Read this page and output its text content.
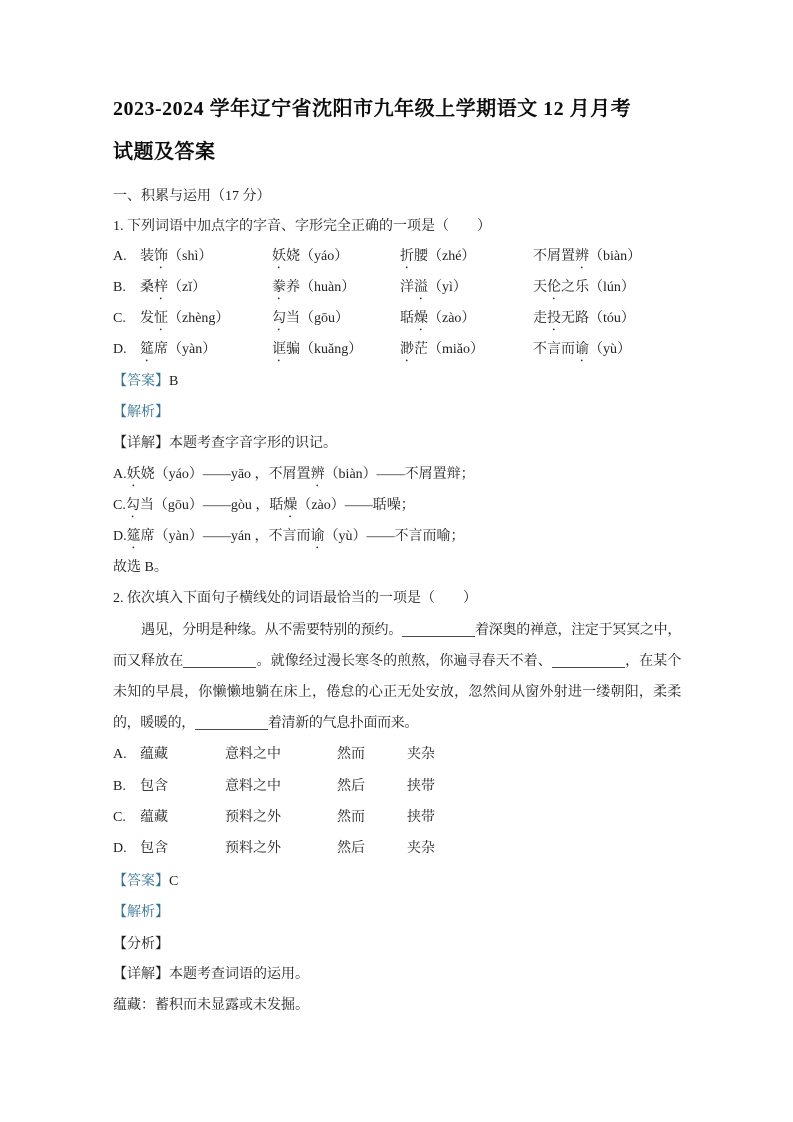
2023-2024 学年辽宁省沈阳市九年级上学期语文 12 月月考
试题及答案
一、积累与运用（17 分）
1. 下列词语中加点字的字音、字形完全正确的一项是（　　）
A. 装饰（shì）	妖娆（yáo）	折腰（zhé）	不屑置辨（biàn）
B.	桑梓（zǐ）	豢养（huàn）	洋溢（yì）	天伦之乐（lún）
C.	发怔（zhèng）	勾当（gōu）	聒燥（zào）	走投无路（tóu）
D. 筵席（yàn）	诓骗（kuǎng）	渺茫（miǎo）	不言而谕（yù）
【答案】B
【解析】
【详解】本题考查字音字形的识记。
A.妖娆（yáo）——yāo ，不屑置辨（biàn）——不屑置辩；
C.勾当（gōu）——gòu ，聒燥（zào）——聒噪；
D.筵席（yàn）——yán ，不言而谕（yù）——不言而喻；
故选 B。
2. 依次填入下面句子横线处的词语最恰当的一项是（　　）
遇见，分明是种缘。从不需要特别的预约。	着深奥的禅意，注定于冥冥之中，
而又释放在	。就像经过漫长寒冬的煎熬，你遍寻春天不着、	，在某个
未知的早晨，你懒懒地躺在床上，倦怠的心正无处安放，忽然间从窗外射进一缕朝阳，柔柔
的，暖暖的，	着清新的气息扑面而来。
A. 蕴藏	意料之中	然而	夹杂
B.	包含	意料之中	然后	挟带
C.	蕴藏	预料之外	然而	挟带
D. 包含	预料之外	然后	夹杂
【答案】C
【解析】
【分析】
【详解】本题考查词语的运用。
蕴藏：蓄积而未显露或未发掘。
